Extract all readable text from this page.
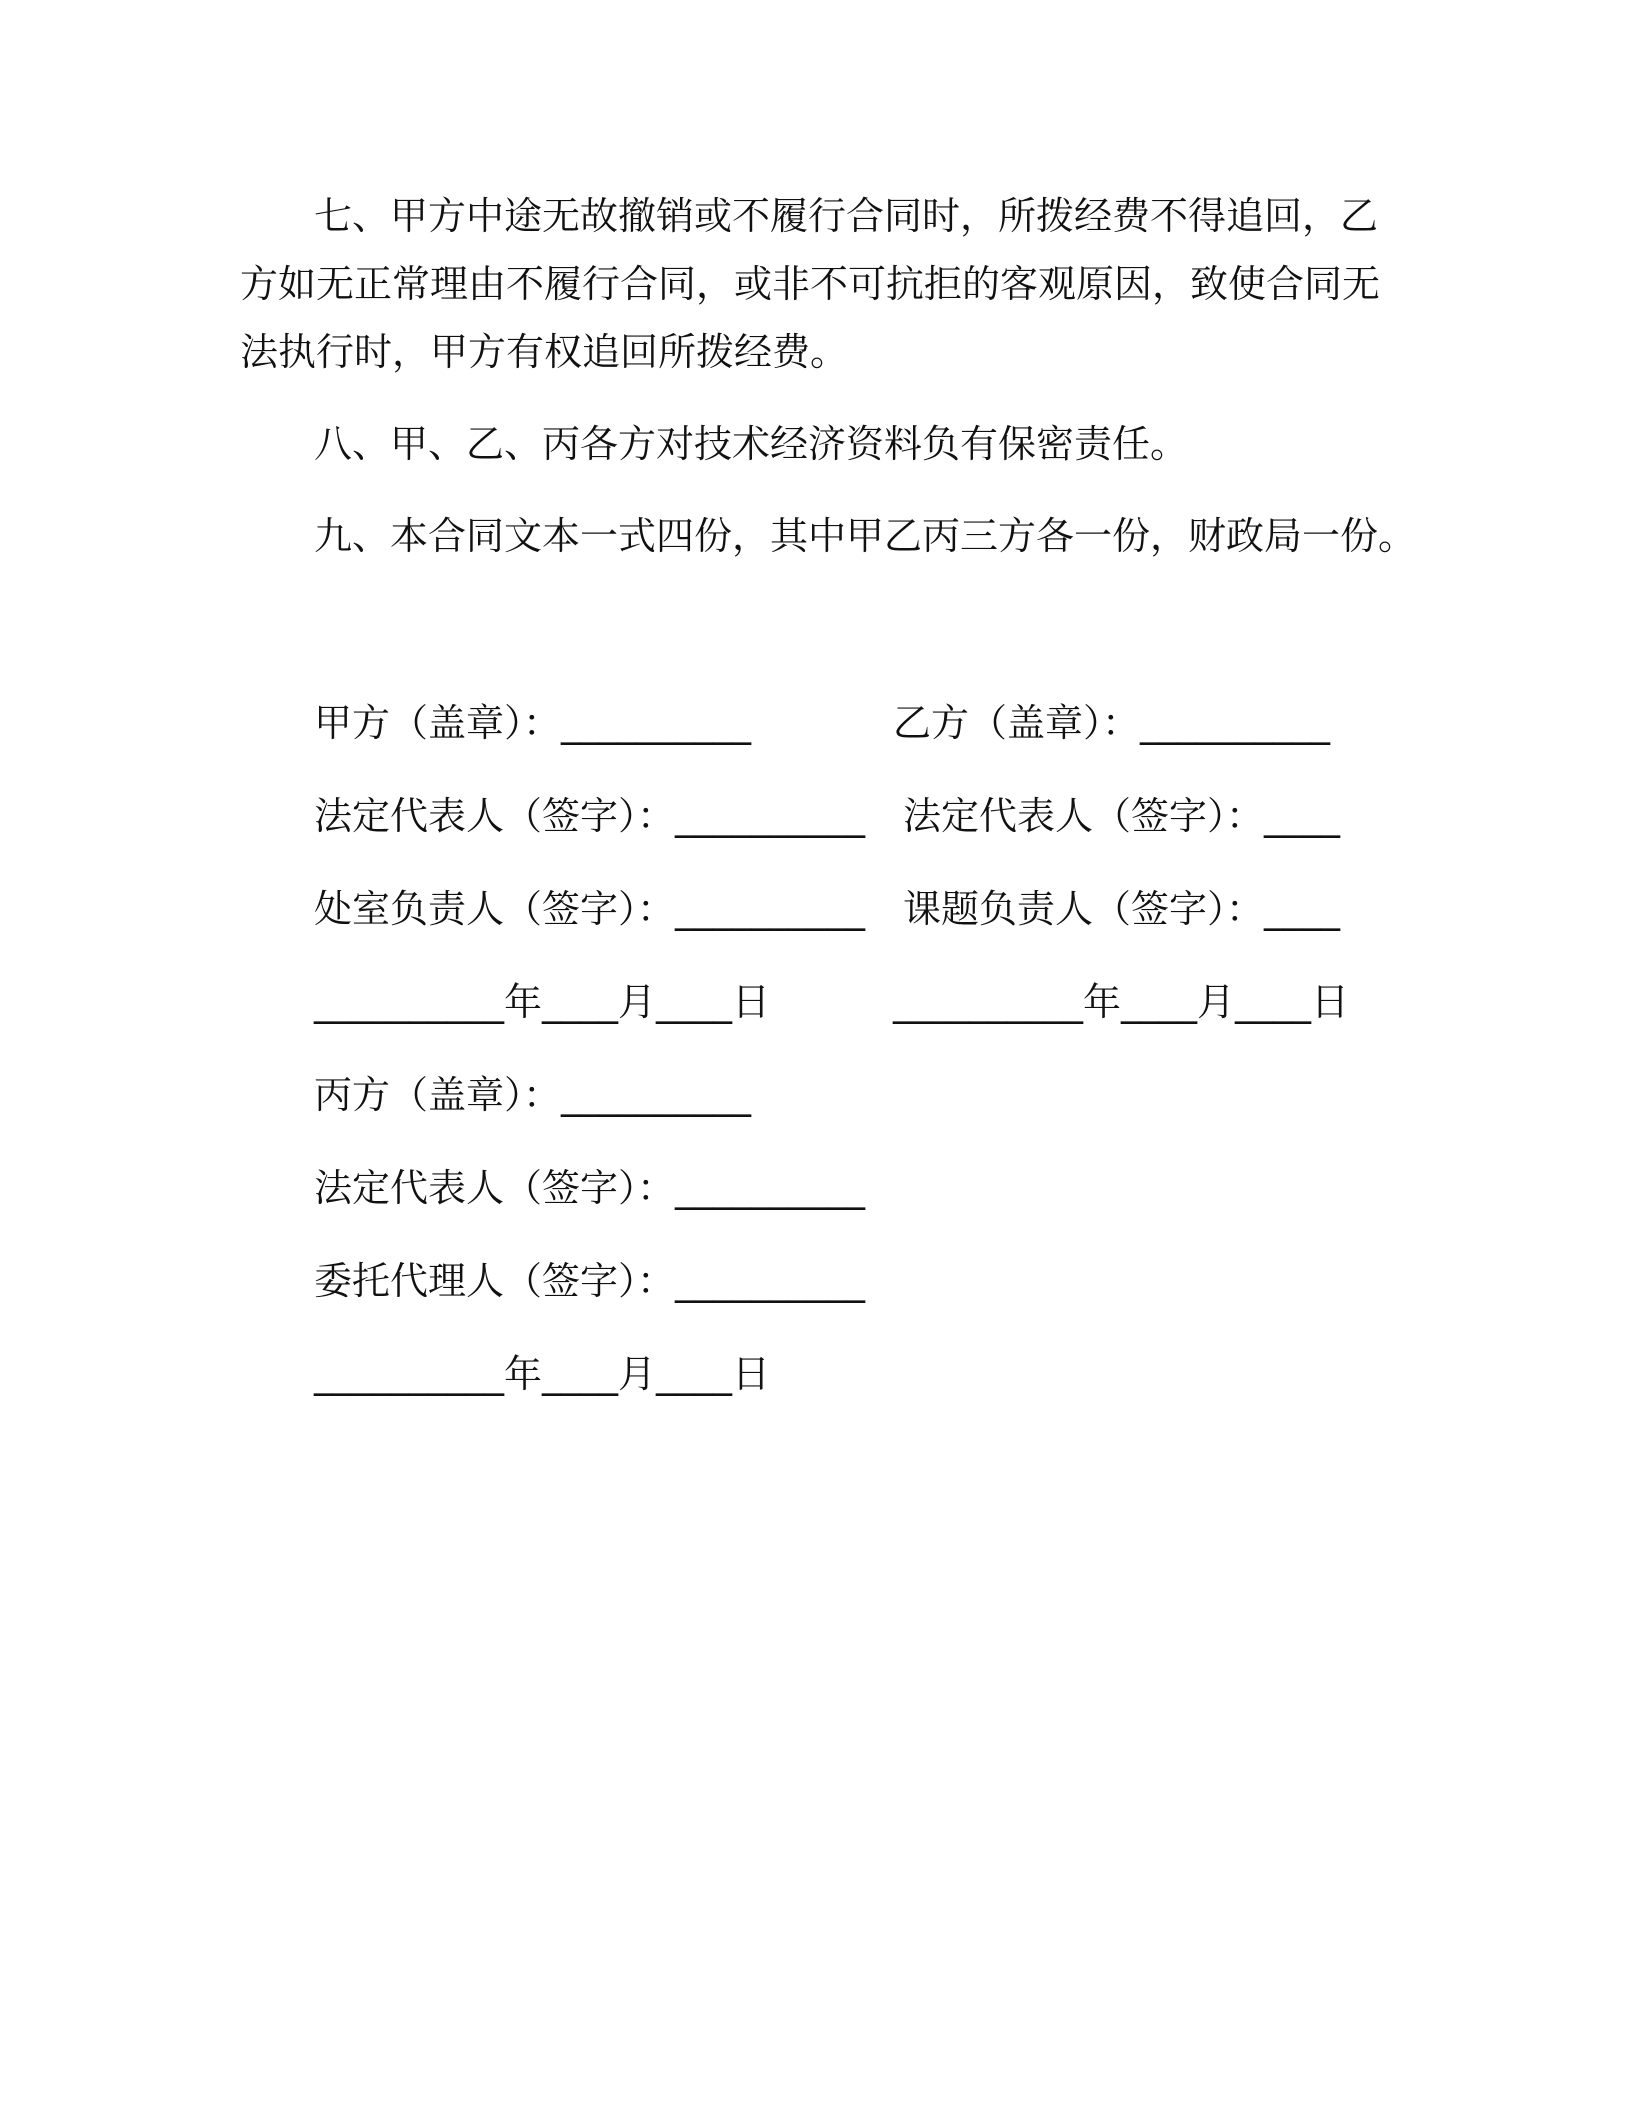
七、甲方中途无故撤销或不履行合同时，所拨经费不得追回，乙
方如无正常理由不履行合同，或非不可抗拒的客观原因，致使合同无
法执行时，甲方有权追回所拨经费。
八、甲、乙、丙各方对技术经济资料负有保密责任。
九、本合同文本一式四份，其中甲乙丙三方各一份，财政局一份。
甲方（盖章）：__________
法定代表人（签字）：__________
处室负责人（签字）：__________
__________年____月____日
乙方（盖章）：__________
法定代表人（签字）：____
课题负责人（签字）：____
__________年____月____日
丙方（盖章）：__________
法定代表人（签字）：__________
委托代理人（签字）：__________
__________年____月____日
